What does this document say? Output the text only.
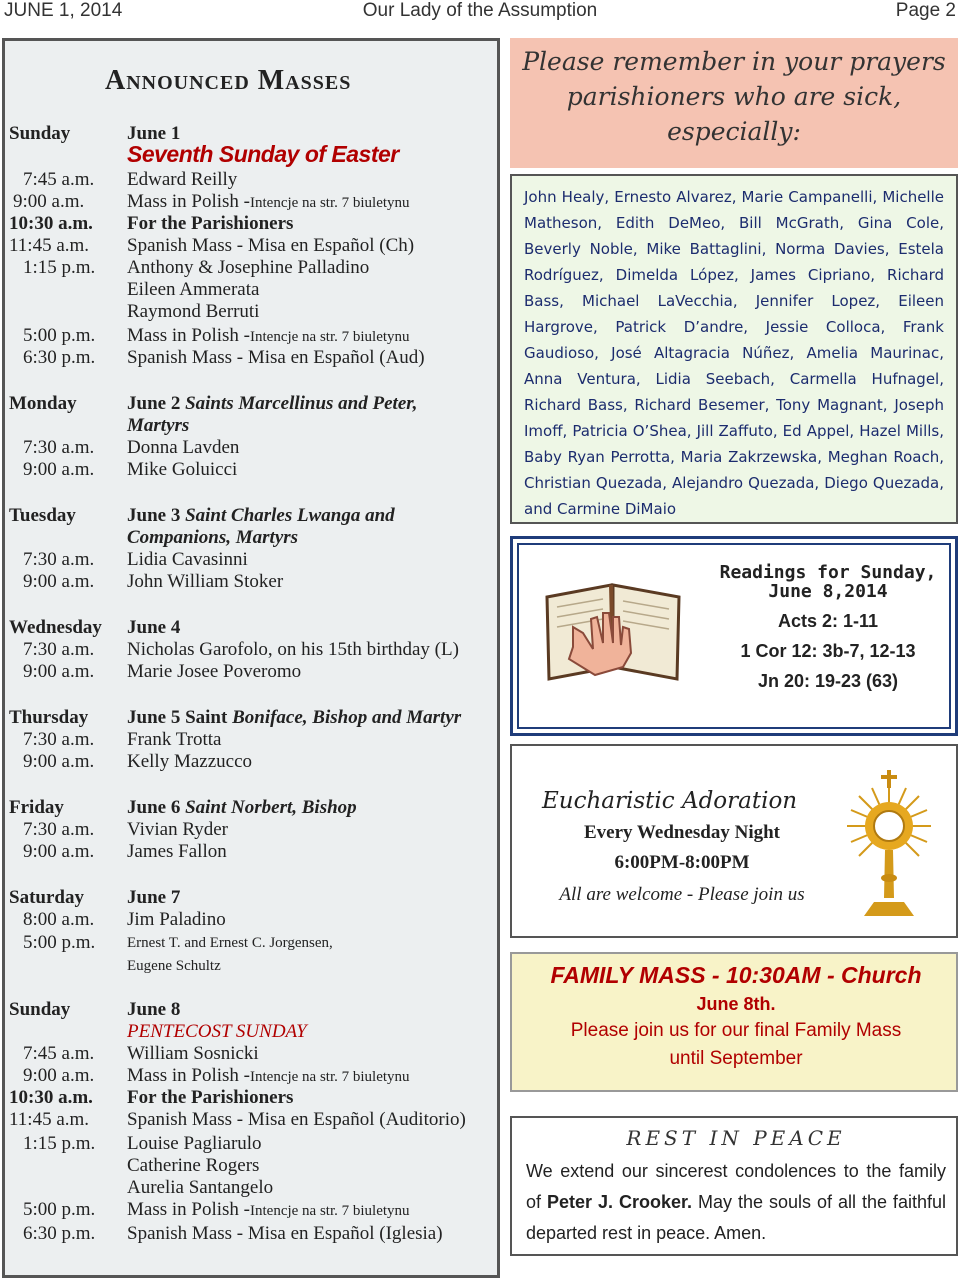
Our Lady of the Assumption
JUNE 1, 2014	Page 2
Announced Masses
Sunday	June 1
Seventh Sunday of Easter
7:45 a.m.	Edward Reilly
9:00 a.m.	Mass in Polish -Intencje na str. 7 biuletynu
10:30 a.m.	For the Parishioners
11:45 a.m.	Spanish Mass - Misa en Español (Ch)
1:15 p.m.	Anthony & Josephine Palladino
Eileen Ammerata
Raymond Berruti
5:00 p.m.	Mass in Polish -Intencje na str. 7 biuletynu
6:30 p.m.	Spanish Mass - Misa en Español (Aud)
Monday	June 2 Saints Marcellinus and Peter,
Martyrs
7:30 a.m.	Donna Lavden
9:00 a.m.	Mike Goluicci
Tuesday	June 3 Saint Charles Lwanga and
Companions, Martyrs
7:30 a.m.	Lidia Cavasinni
9:00 a.m.	John William Stoker
Wednesday	June 4
7:30 a.m.	Nicholas Garofolo, on his 15th birthday (L)
9:00 a.m.	Marie Josee Poveromo
Thursday	June 5 Saint Boniface, Bishop and Martyr
7:30 a.m.	Frank Trotta
9:00 a.m.	Kelly Mazzucco
Friday	June 6 Saint Norbert, Bishop
7:30 a.m.	Vivian Ryder
9:00 a.m.	James Fallon
Saturday	June 7
8:00 a.m.	Jim Paladino
5:00 p.m.	Ernest T. and Ernest C. Jorgensen,
Eugene Schultz
Sunday	June 8
PENTECOST SUNDAY
7:45 a.m.	William Sosnicki
9:00 a.m.	Mass in Polish -Intencje na str. 7 biuletynu
10:30 a.m.	For the Parishioners
11:45 a.m.	Spanish Mass - Misa en Español (Auditorio)
1:15 p.m.	Louise Pagliarulo
Catherine Rogers
Aurelia Santangelo
5:00 p.m.	Mass in Polish -Intencje na str. 7 biuletynu
6:30 p.m.	Spanish Mass - Misa en Español (Iglesia)
Please remember in your prayers
parishioners who are sick,
especially:
John Healy, Ernesto Alvarez, Marie Campanelli, Michelle Matheson, Edith DeMeo, Bill McGrath, Gina Cole, Beverly Noble, Mike Battaglini, Norma Davies, Estela Rodríguez, Dimelda López, James Cipriano, Richard Bass, Michael LaVecchia, Jennifer Lopez, Eileen Hargrove, Patrick D’andre, Jessie Colloca, Frank Gaudioso, José Altagracia Núñez, Amelia Maurinac, Anna Ventura, Lidia Seebach, Carmella Hufnagel, Richard Bass, Richard Besemer, Tony Magnant, Joseph Imoff, Patricia O’Shea, Jill Zaffuto, Ed Appel, Hazel Mills, Baby Ryan Perrotta, Maria Zakrzewska, Meghan Roach, Christian Quezada, Alejandro Quezada, Diego Quezada, and Carmine DiMaio
Readings for Sunday,
June 8,2014
Acts 2: 1-11
1 Cor 12: 3b-7, 12-13
Jn 20: 19-23 (63)
Eucharistic Adoration
Every Wednesday Night
6:00PM-8:00PM
All are welcome - Please join us
FAMILY MASS - 10:30AM - Church
June 8th.
Please join us for our final Family Mass
until September
REST IN PEACE
We extend our sincerest condolences to the family of Peter J. Crooker. May the souls of all the faithful departed rest in peace. Amen.
